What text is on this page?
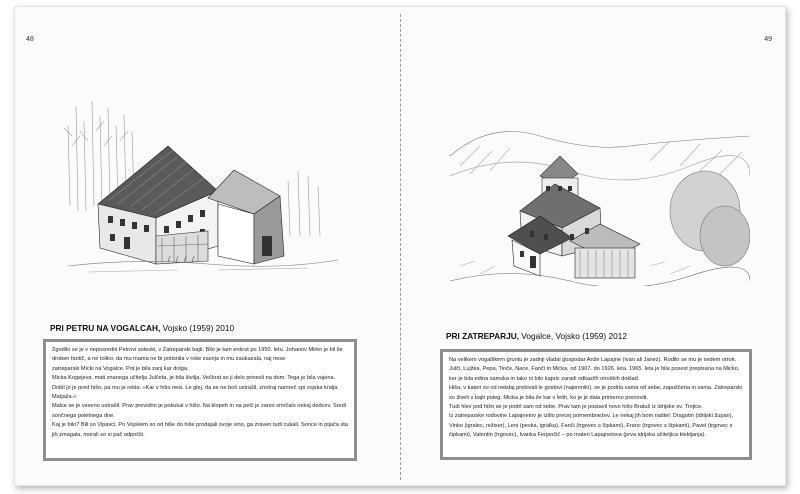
48
PRI PETRU NA VOGALCAH, Vojsko (1959) 2010

Zgodilo se je v neposredni Petrovi soteski, v Zatreparski bajti. Bilo je tam enkrat po 1950. letu. Johanov Mirko je bil še droben fantič, a ne toliko, da mu mama ne bi potisnila v roke zavoja in mu zaukazala, naj nese

zatreparski Micki na Vogalce. Pot je bila zanj kar dolga.

Micka Kogejeva, mati znanega učitelja Julčeta, je bila šivilja. Večkrat so ji delo prinesli na dom. Tega je bila vajena.

Dobil jo je pred hišo, pa mu je rekla: »Kar v hišo nesi. Le glej, da se ne boš ustrašil, znotraj namreč spi vojska kralja Matjaža.«

Malce se je vseeno ustrašil. Prav previdno je pokukal v hišo. Na klopeh in na peči je zares smrčalo nekaj dedcev. Sredi sončnega poletnega dne.

Kaj je bilo? Bili so Vipavci. Po Vojskem so od hiše do hiše prodajali svoje vino, ga zraven tudi cukali. Sonce in pijača sta jih zmagala, morali so si pač odpočiti.

49
PRI ZATREPARJU, Vogalce, Vojsko (1959) 2012

Na velikem vogalškem gruntu je zadnji vladal gospodar Anže Lapajne (Ivan ali Janez). Rodilo se mu je sedem otrok, Julči, Lujžka, Pepa, Tinče, Nace, Fanči in Micka, od 1907. do 1926. leta. 1965. leta je bila posest prepisana na Micko, ker je bila edina samska in tako ni bilo kapric zaradi odkazilh otroških doklad.

Hiša, v kateri so od nekdaj prebivali le gostovi (najemniki), se je podrla sama od sebe, zapuščena in sama. Zatreparski so živeli v bajti poleg. Micka je bila že kar v letih, ko je je dala primerno prenoviti.

Tudi hlev pod hišo se je podrl sam od sebe. Prav tam je postavil novo hišo Bratuš iz idrijske sv. Trojice.

Iz zatreparske rodovine Lapajnetov je izšlo precej pomembnežev. Le nekaj jih bom naštel: Dragotin (idrijski župan), Vinko (igralec, režiser), Leni (pevka, igralka), Fanči (trgovec s čipkami), Franc (trgovec s čipkami), Pavel (trgovec s čipkami), Valentin (trgovec), Ivanka Ferjančič – po materi Lapajnetova (prva idrijska učiteljica klekljanja).
